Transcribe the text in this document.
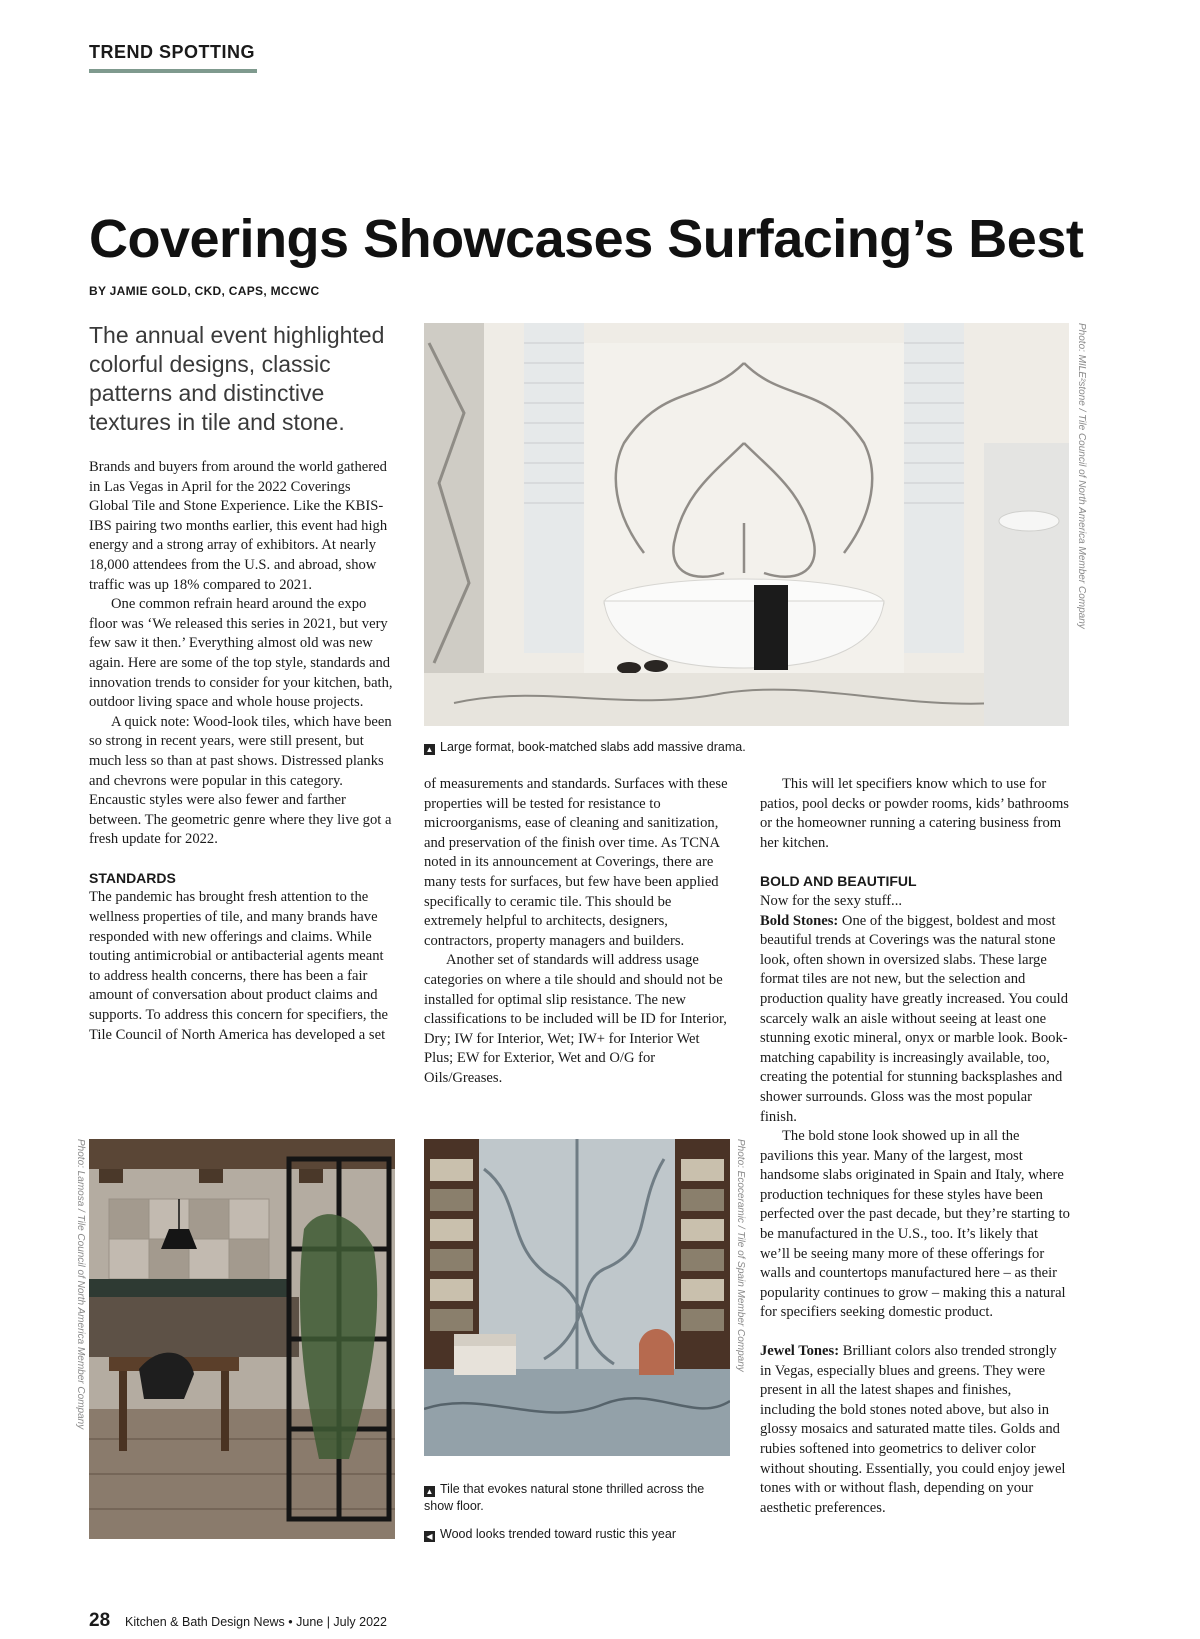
TREND SPOTTING
Coverings Showcases Surfacing’s Best
BY JAMIE GOLD, CKD, CAPS, MCCWC
The annual event highlighted colorful designs, classic patterns and distinctive textures in tile and stone.

Brands and buyers from around the world gathered in Las Vegas in April for the 2022 Coverings Global Tile and Stone Experience. Like the KBIS-IBS pairing two months earlier, this event had high energy and a strong array of exhibitors. At nearly 18,000 attendees from the U.S. and abroad, show traffic was up 18% compared to 2021.

One common refrain heard around the expo floor was ‘We released this series in 2021, but very few saw it then.’ Everything almost old was new again. Here are some of the top style, standards and innovation trends to consider for your kitchen, bath, outdoor living space and whole house projects.

A quick note: Wood-look tiles, which have been so strong in recent years, were still present, but much less so than at past shows. Distressed planks and chevrons were popular in this category. Encaustic styles were also fewer and farther between. The geometric genre where they live got a fresh update for 2022.

STANDARDS

The pandemic has brought fresh attention to the wellness properties of tile, and many brands have responded with new offerings and claims. While touting antimicrobial or antibacterial agents meant to address health concerns, there has been a fair amount of conversation about product claims and supports. To address this concern for specifiers, the Tile Council of North America has developed a set

of measurements and standards. Surfaces with these properties will be tested for resistance to microorganisms, ease of cleaning and sanitization, and preservation of the finish over time. As TCNA noted in its announcement at Coverings, there are many tests for surfaces, but few have been applied specifically to ceramic tile. This should be extremely helpful to architects, designers, contractors, property managers and builders.

Another set of standards will address usage categories on where a tile should and should not be installed for optimal slip resistance. The new classifications to be included will be ID for Interior, Dry; IW for Interior, Wet; IW+ for Interior Wet Plus; EW for Exterior, Wet and O/G for Oils/Greases.

This will let specifiers know which to use for patios, pool decks or powder rooms, kids’ bathrooms or the homeowner running a catering business from her kitchen.

BOLD AND BEAUTIFUL

Now for the sexy stuff...

Bold Stones: One of the biggest, boldest and most beautiful trends at Coverings was the natural stone look, often shown in oversized slabs. These large format tiles are not new, but the selection and production quality have greatly increased. You could scarcely walk an aisle without seeing at least one stunning exotic mineral, onyx or marble look. Book-matching capability is increasingly available, too, creating the potential for stunning backsplashes and shower surrounds. Gloss was the most popular finish.

The bold stone look showed up in all the pavilions this year. Many of the largest, most handsome slabs originated in Spain and Italy, where production techniques for these styles have been perfected over the past decade, but they’re starting to be manufactured in the U.S., too. It’s likely that we’ll be seeing many more of these offerings for walls and countertops manufactured here – as their popularity continues to grow – making this a natural for specifiers seeking domestic product.

Jewel Tones: Brilliant colors also trended strongly in Vegas, especially blues and greens. They were present in all the latest shapes and finishes, including the bold stones noted above, but also in glossy mosaics and saturated matte tiles. Golds and rubies softened into geometrics to deliver color without shouting. Essentially, you could enjoy jewel tones with or without flash, depending on your aesthetic preferences.

Photo: MILE²stone / Tile Council of North America Member Company
▲ Large format, book-matched slabs add massive drama.
Photo: Lamosa / Tile Council of North America Member Company	Photo: Ecoceramic / Tile of Spain Member Company
▲ Tile that evokes natural stone thrilled across the show floor.
◀ Wood looks trended toward rustic this year
28 Kitchen & Bath Design News • June | July 2022
